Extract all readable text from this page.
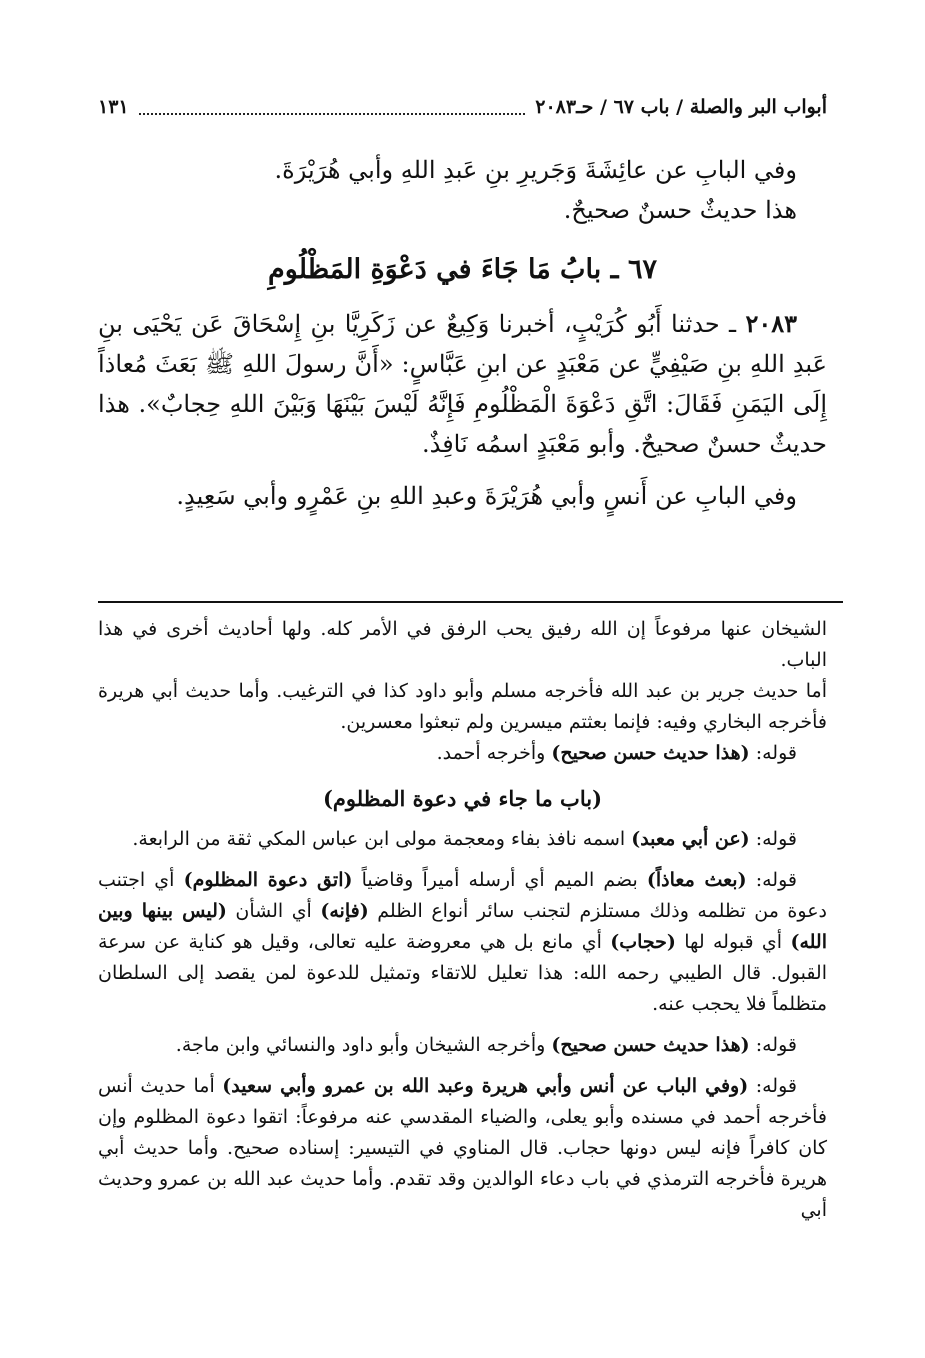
أبواب البر والصلة / باب ٦٧ / حـ٢٠٨٣
١٣١

وفي البابِ عن عائِشَةَ وَجَريرِ بنِ عَبدِ اللهِ وأبي هُرَيْرَةَ.

هذا حديثٌ حسنٌ صحيحٌ.

٦٧ ـ بابُ مَا جَاءَ في دَعْوَةِ المَظْلُومِ

٢٠٨٣ ـ حدثنا أَبُو كُرَيْبٍ، أخبرنا وَكِيعٌ عن زَكَرِيَّا بنِ إِسْحَاقَ عَن يَحْيَى بنِ عَبدِ اللهِ بنِ صَيْفِيٍّ عن مَعْبَدٍ عن ابنِ عَبَّاسٍ: «أَنَّ رسولَ اللهِ ﷺ بَعَثَ مُعاذاً إِلَى اليَمَنِ فَقَالَ: اتَّقِ دَعْوَةَ الْمَظْلُومِ فَإِنَّهُ لَيْسَ بَيْنَهَا وَبَيْنَ اللهِ حِجابٌ». هذا حديثٌ حسنٌ صحيحٌ. وأبو مَعْبَدٍ اسمُه نَافِذٌ.

وفي البابِ عن أَنسٍ وأبي هُرَيْرَةَ وعبدِ اللهِ بنِ عَمْرٍو وأبي سَعِيدٍ.

الشيخان عنها مرفوعاً إن الله رفيق يحب الرفق في الأمر كله. ولها أحاديث أخرى في هذا الباب.

أما حديث جرير بن عبد الله فأخرجه مسلم وأبو داود كذا في الترغيب. وأما حديث أبي هريرة فأخرجه البخاري وفيه: فإنما بعثتم ميسرين ولم تبعثوا معسرين.

قوله: (هذا حديث حسن صحيح) وأخرجه أحمد.

(باب ما جاء في دعوة المظلوم)

قوله: (عن أبي معبد) اسمه نافذ بفاء ومعجمة مولى ابن عباس المكي ثقة من الرابعة.

قوله: (بعث معاذاً) بضم الميم أي أرسله أميراً وقاضياً (اتق دعوة المظلوم) أي اجتنب دعوة من تظلمه وذلك مستلزم لتجنب سائر أنواع الظلم (فإنه) أي الشأن (ليس بينها وبين الله) أي قبوله لها (حجاب) أي مانع بل هي معروضة عليه تعالى، وقيل هو كناية عن سرعة القبول. قال الطيبي رحمه الله: هذا تعليل للاتقاء وتمثيل للدعوة لمن يقصد إلى السلطان متظلماً فلا يحجب عنه.

قوله: (هذا حديث حسن صحيح) وأخرجه الشيخان وأبو داود والنسائي وابن ماجة.

قوله: (وفي الباب عن أنس وأبي هريرة وعبد الله بن عمرو وأبي سعيد) أما حديث أنس فأخرجه أحمد في مسنده وأبو يعلى، والضياء المقدسي عنه مرفوعاً: اتقوا دعوة المظلوم وإن كان كافراً فإنه ليس دونها حجاب. قال المناوي في التيسير: إسناده صحيح. وأما حديث أبي هريرة فأخرجه الترمذي في باب دعاء الوالدين وقد تقدم. وأما حديث عبد الله بن عمرو وحديث أبي
